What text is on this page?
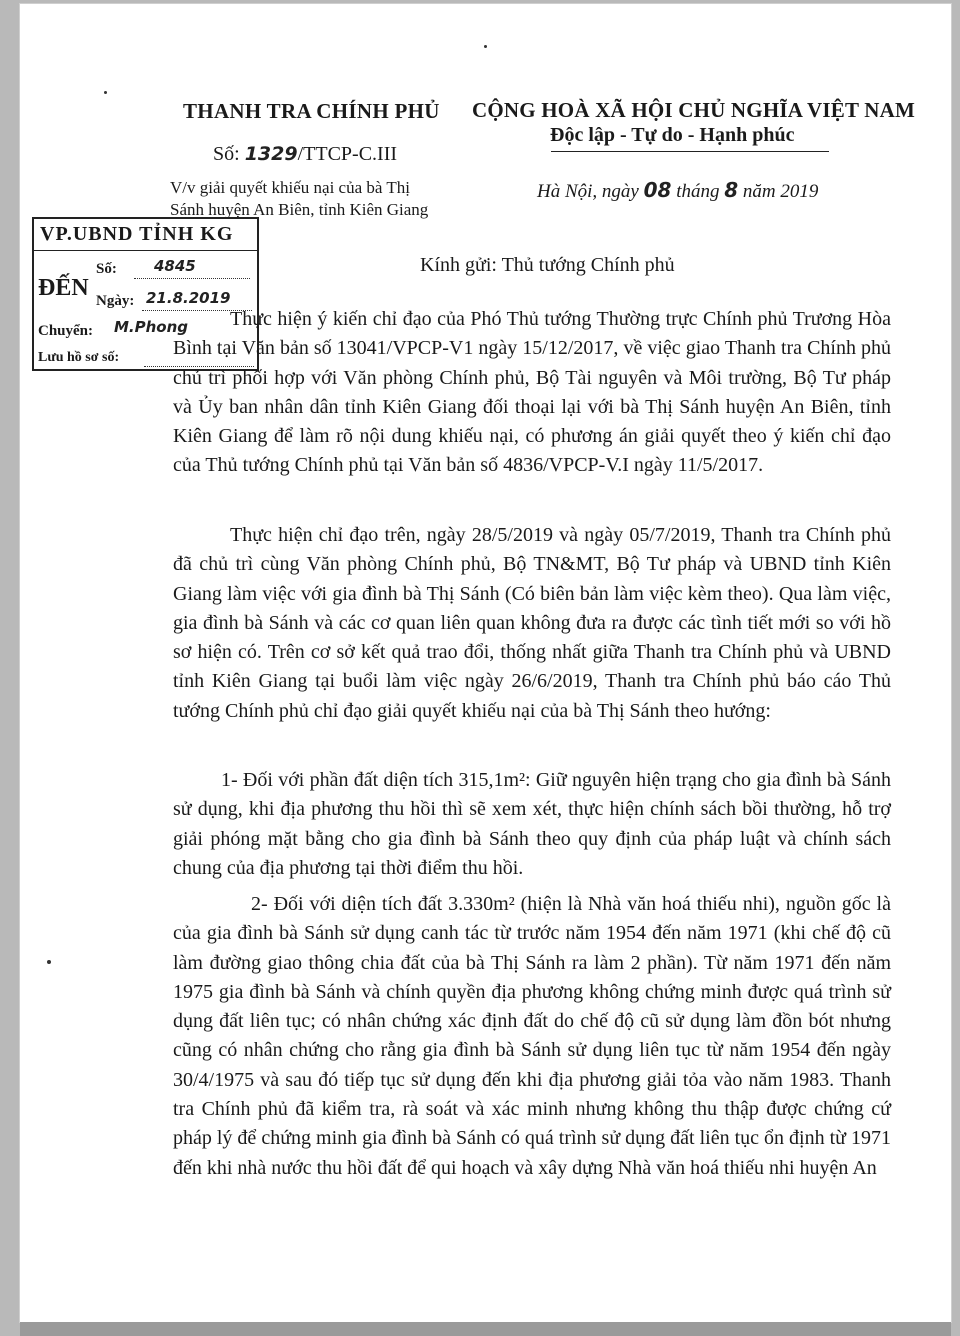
THANH TRA CHÍNH PHỦ
Số: 1329/TTCP-C.III
V/v giải quyết khiếu nại của bà Thị
Sánh huyện An Biên, tỉnh Kiên Giang
CỘNG HOÀ XÃ HỘI CHỦ NGHĨA VIỆT NAM
Độc lập - Tự do - Hạnh phúc
Hà Nội, ngày 08 tháng 8 năm 2019
Kính gửi: Thủ tướng Chính phủ
VP.UBND TỈNH KG
Số: 4845
ĐẾN Ngày: 21.8.2019
Chuyển: M.Phong
Lưu hồ sơ số:
Thực hiện ý kiến chỉ đạo của Phó Thủ tướng Thường trực Chính phủ Trương Hòa Bình tại Văn bản số 13041/VPCP-V1 ngày 15/12/2017, về việc giao Thanh tra Chính phủ chủ trì phối hợp với Văn phòng Chính phủ, Bộ Tài nguyên và Môi trường, Bộ Tư pháp và Ủy ban nhân dân tỉnh Kiên Giang đối thoại lại với bà Thị Sánh huyện An Biên, tỉnh Kiên Giang để làm rõ nội dung khiếu nại, có phương án giải quyết theo ý kiến chỉ đạo của Thủ tướng Chính phủ tại Văn bản số 4836/VPCP-V.I ngày 11/5/2017.
Thực hiện chỉ đạo trên, ngày 28/5/2019 và ngày 05/7/2019, Thanh tra Chính phủ đã chủ trì cùng Văn phòng Chính phủ, Bộ TN&MT, Bộ Tư pháp và UBND tỉnh Kiên Giang làm việc với gia đình bà Thị Sánh (Có biên bản làm việc kèm theo). Qua làm việc, gia đình bà Sánh và các cơ quan liên quan không đưa ra được các tình tiết mới so với hồ sơ hiện có. Trên cơ sở kết quả trao đổi, thống nhất giữa Thanh tra Chính phủ và UBND tỉnh Kiên Giang tại buổi làm việc ngày 26/6/2019, Thanh tra Chính phủ báo cáo Thủ tướng Chính phủ chỉ đạo giải quyết khiếu nại của bà Thị Sánh theo hướng:
1- Đối với phần đất diện tích 315,1m²: Giữ nguyên hiện trạng cho gia đình bà Sánh sử dụng, khi địa phương thu hồi thì sẽ xem xét, thực hiện chính sách bồi thường, hỗ trợ giải phóng mặt bằng cho gia đình bà Sánh theo quy định của pháp luật và chính sách chung của địa phương tại thời điểm thu hồi.
2- Đối với diện tích đất 3.330m² (hiện là Nhà văn hoá thiếu nhi), nguồn gốc là của gia đình bà Sánh sử dụng canh tác từ trước năm 1954 đến năm 1971 (khi chế độ cũ làm đường giao thông chia đất của bà Thị Sánh ra làm 2 phần). Từ năm 1971 đến năm 1975 gia đình bà Sánh và chính quyền địa phương không chứng minh được quá trình sử dụng đất liên tục; có nhân chứng xác định đất do chế độ cũ sử dụng làm đồn bót nhưng cũng có nhân chứng cho rằng gia đình bà Sánh sử dụng liên tục từ năm 1954 đến ngày 30/4/1975 và sau đó tiếp tục sử dụng đến khi địa phương giải tỏa vào năm 1983. Thanh tra Chính phủ đã kiểm tra, rà soát và xác minh nhưng không thu thập được chứng cứ pháp lý để chứng minh gia đình bà Sánh có quá trình sử dụng đất liên tục ổn định từ 1971 đến khi nhà nước thu hồi đất để qui hoạch và xây dựng Nhà văn hoá thiếu nhi huyện An
